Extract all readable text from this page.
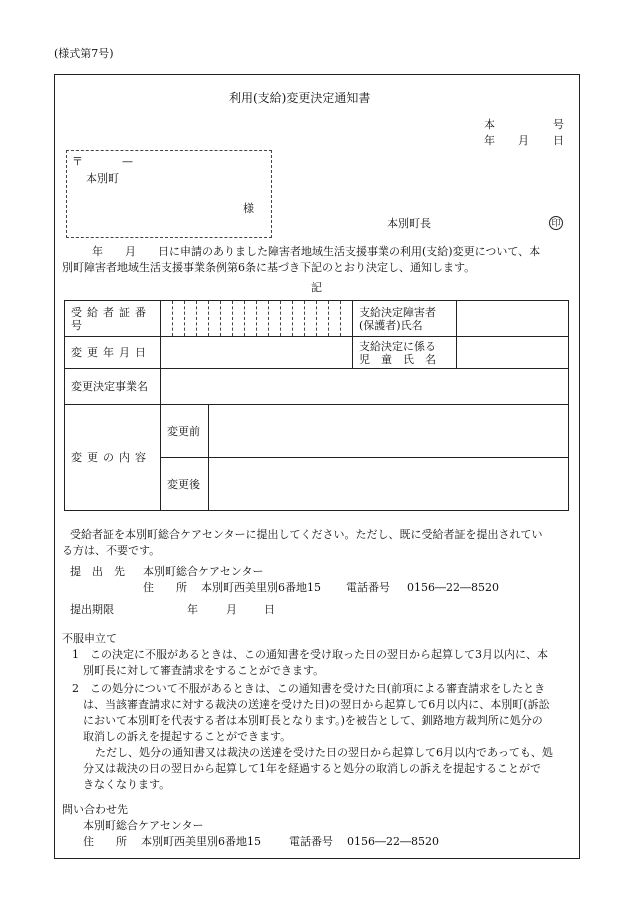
(様式第7号)
利用(支給)変更決定通知書
本	号
年 月 日
〒	—
本別町
様
本別町長	印
年　　月　　日に申請のありました障害者地域生活支援事業の利用(支給)変更について、本
別町障害者地域生活支援事業条例第6条に基づき下記のとおり決定し、通知します。
記
受給者証番号			支給決定障害者
(保護者)氏名	

変更年月日			支給決定に係る
児　童　氏　名	

変更決定事業名				
変更の内容	変更前			
	変更後			
受給者証を本別町総合ケアセンターに提出してください。ただし、既に受給者証を提出されてい
る方は、不要です。
提　出　先 本別町総合ケアセンター
住　　所 本別町西美里別6番地15 電話番号 0156―22―8520
提出期限	年	月 日
不服申立て
1　この決定に不服があるときは、この通知書を受け取った日の翌日から起算して3月以内に、本
別町長に対して審査請求をすることができます。
2　この処分について不服があるときは、この通知書を受けた日(前項による審査請求をしたとき
は、当該審査請求に対する裁決の送達を受けた日)の翌日から起算して6月以内に、本別町(訴訟
において本別町を代表する者は本別町長となります。)を被告として、釧路地方裁判所に処分の
取消しの訴えを提起することができます。
ただし、処分の通知書又は裁決の送達を受けた日の翌日から起算して6月以内であっても、処
分又は裁決の日の翌日から起算して1年を経過すると処分の取消しの訴えを提起することがで
きなくなります。
問い合わせ先
本別町総合ケアセンター
住　　所 本別町西美里別6番地15	電話番号 0156―22―8520
